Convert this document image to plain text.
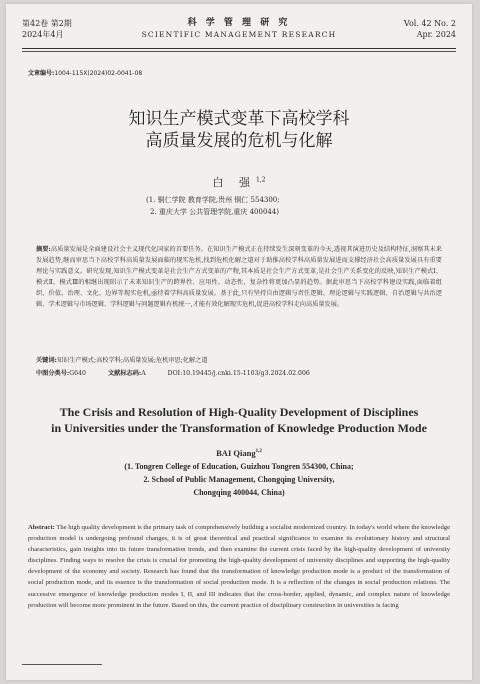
第42卷 第2期
2024年4月
科 学 管 理 研 究
SCIENTIFIC MANAGEMENT RESEARCH
Vol. 42 No. 2
Apr. 2024
文章编号:1004-115X(2024)02-0041-08
知识生产模式变革下高校学科
高质量发展的危机与化解
白 强$^{1,2}$
(1. 铜仁学院 教育学院,贵州 铜仁 554300;
2. 重庆大学 公共管理学院,重庆 400044)
摘要:高质量发展是全面建设社会主义现代化国家的首要任务。在知识生产模式正在持续发生深刻变革的今天,透视其演进历史及结构特征,洞察其未来发展趋势,继而审思当下高校学科高质量发展面临的现实危机,找到危机化解之道对于助推高校学科高质量发展进而支撑经济社会高质量发展具有重要理论与实践意义。研究发现,知识生产模式变革是社会生产方式变革的产物,其本质是社会生产方式变革,是社会生产关系变化的反映,知识生产模式Ⅰ、模式Ⅱ、模式Ⅲ的相继出现昭示了未来知识生产的跨界性、应用性、动态性、复杂性将更加凸显的趋势。据此审思当下高校学科建设实践,面临着组织、价值、治理、文化、边界等现实危机,亟待着学科高质量发展。基于此,只有坚持自由逻辑与责任逻辑、理论逻辑与实践逻辑、自治逻辑与共治逻辑、学术逻辑与市场逻辑、学科逻辑与问题逻辑有机统一,才能有效化解现实危机,促进高校学科走向高质量发展。
关键词:知识生产模式;高校学科;高质量发展;危机审思;化解之道
中图分类号:G640	文献标志码:A	DOI:10.19445/j.cnki.15-1103/g3.2024.02.006
The Crisis and Resolution of High-Quality Development of Disciplines
in Universities under the Transformation of Knowledge Production Mode
BAI Qiang$^{1,2}$
(1. Tongren College of Education, Guizhou Tongren 554300, China;
2. School of Public Management, Chongqing University,
Chongqing 400044, China)
Abstract: The high quality development is the primary task of comprehensively building a socialist modernized country. In today's world where the knowledge production model is undergoing profound changes, it is of great theoretical and practical significance to examine its evolutionary history and structural characteristics, gain insights into its future transformation trends, and then examine the current crisis faced by the high-quality development of university disciplines. Finding ways to resolve the crisis is crucial for promoting the high-quality development of university disciplines and supporting the high-quality development of the economy and society. Research has found that the transformation of knowledge production mode is a product of the transformation of social production mode, and its essence is the transformation of social production mode. It is a reflection of the changes in social production relations. The successive emergence of knowledge production modes I, II, and III indicates that the cross-border, applied, dynamic, and complex nature of knowledge production will become more prominent in the future. Based on this, the current practice of disciplinary construction in universities is facing
